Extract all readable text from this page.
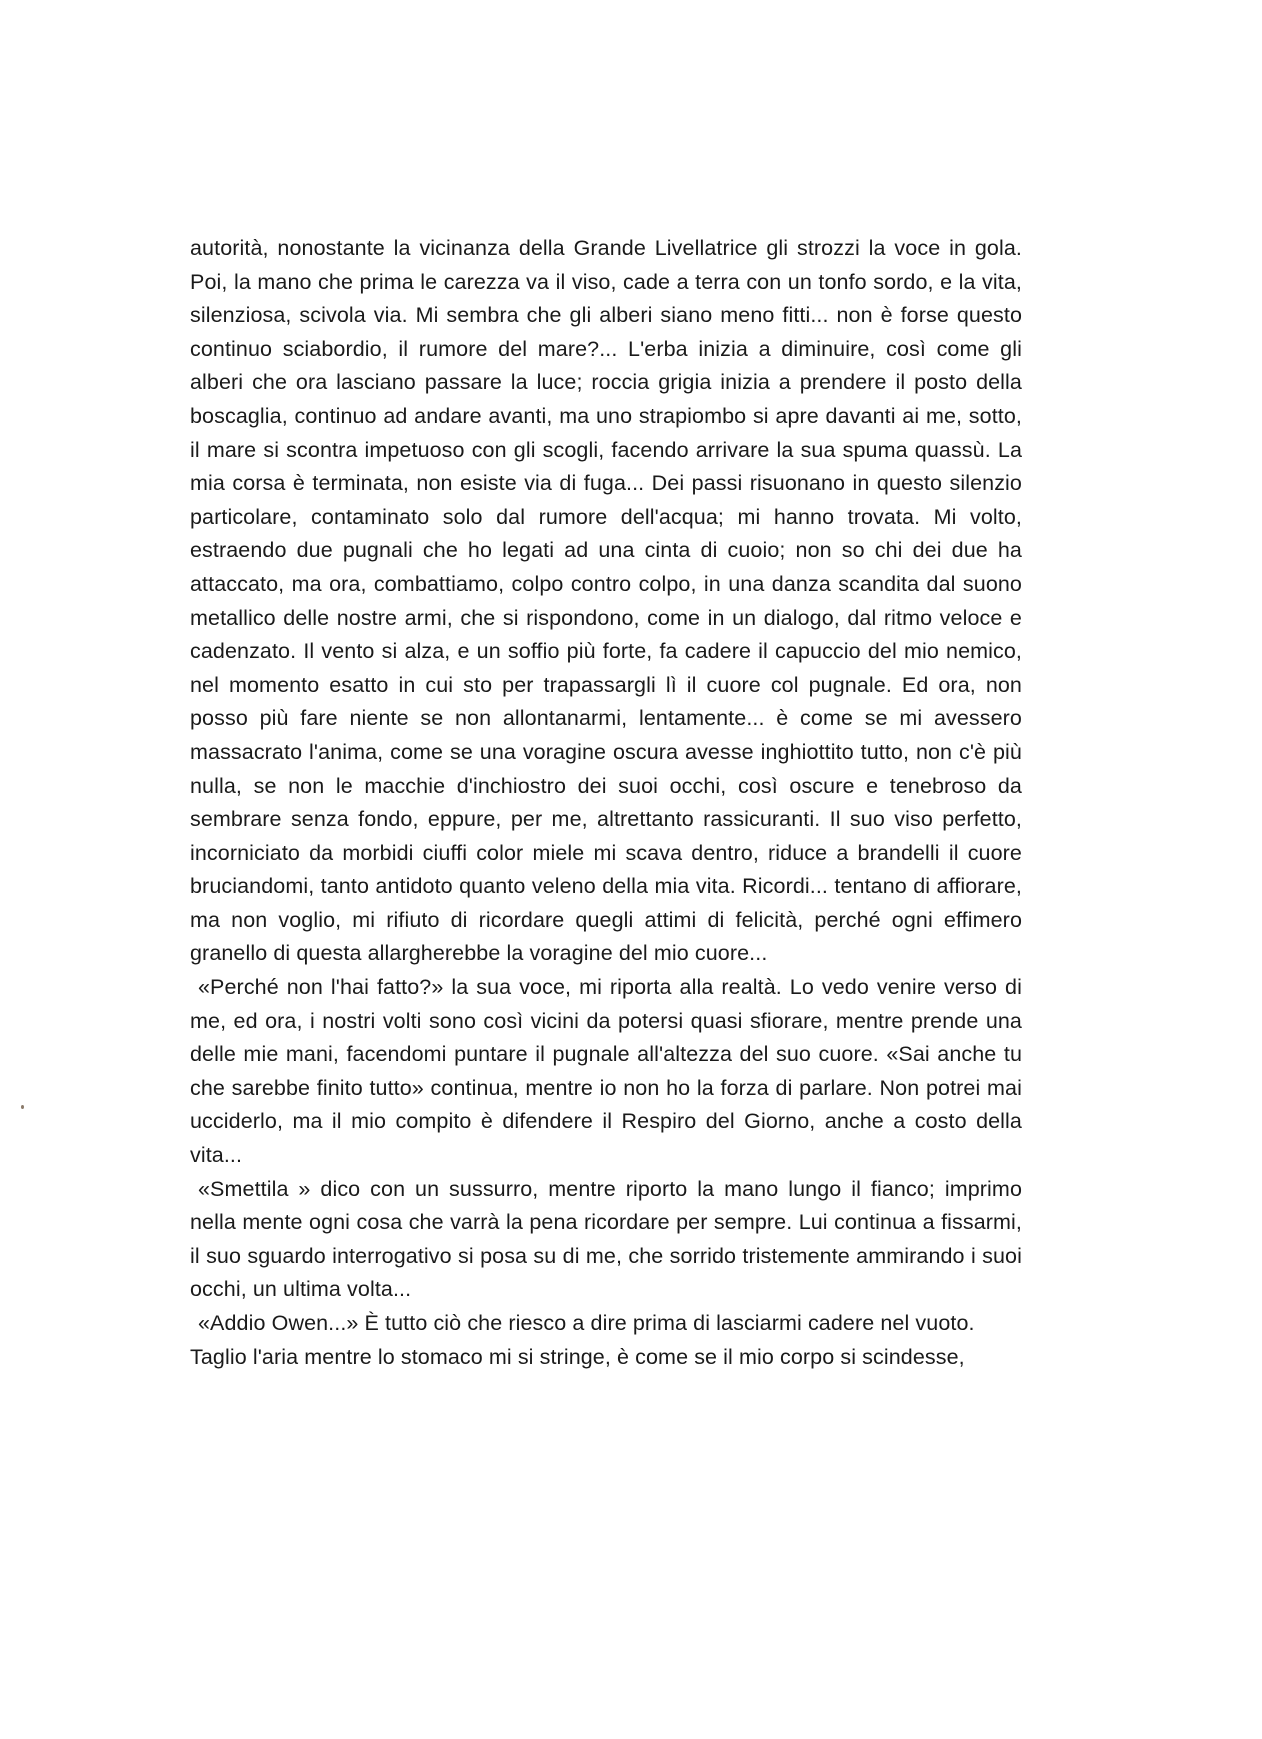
autorità, nonostante la vicinanza della Grande Livellatrice gli strozzi la voce in gola. Poi, la mano che prima le carezza va il viso, cade a terra con un tonfo sordo, e la vita, silenziosa, scivola via. Mi sembra che gli alberi siano meno fitti... non è forse questo continuo sciabordio, il rumore del mare?... L'erba inizia a diminuire, così come gli alberi che ora lasciano passare la luce; roccia grigia inizia a prendere il posto della boscaglia, continuo ad andare avanti, ma uno strapiombo si apre davanti ai me, sotto, il mare si scontra impetuoso con gli scogli, facendo arrivare la sua spuma quassù. La mia corsa è terminata, non esiste via di fuga... Dei passi risuonano in questo silenzio particolare, contaminato solo dal rumore dell'acqua; mi hanno trovata. Mi volto, estraendo due pugnali che ho legati ad una cinta di cuoio; non so chi dei due ha attaccato, ma ora, combattiamo, colpo contro colpo, in una danza scandita dal suono metallico delle nostre armi, che si rispondono, come in un dialogo, dal ritmo veloce e cadenzato. Il vento si alza, e un soffio più forte, fa cadere il capuccio del mio nemico, nel momento esatto in cui sto per trapassargli lì il cuore col pugnale. Ed ora, non posso più fare niente se non allontanarmi, lentamente... è come se mi avessero massacrato l'anima, come se una voragine oscura avesse inghiottito tutto, non c'è più nulla, se non le macchie d'inchiostro dei suoi occhi, così oscure e tenebroso da sembrare senza fondo, eppure, per me, altrettanto rassicuranti. Il suo viso perfetto, incorniciato da morbidi ciuffi color miele mi scava dentro, riduce a brandelli il cuore bruciandomi, tanto antidoto quanto veleno della mia vita. Ricordi... tentano di affiorare, ma non voglio, mi rifiuto di ricordare quegli attimi di felicità, perché ogni effimero granello di questa allargherebbe la voragine del mio cuore...

«Perché non l'hai fatto?» la sua voce, mi riporta alla realtà. Lo vedo venire verso di me, ed ora, i nostri volti sono così vicini da potersi quasi sfiorare, mentre prende una delle mie mani, facendomi puntare il pugnale all'altezza del suo cuore. «Sai anche tu che sarebbe finito tutto» continua, mentre io non ho la forza di parlare. Non potrei mai ucciderlo, ma il mio compito è difendere il Respiro del Giorno, anche a costo della vita...

«Smettila » dico con un sussurro, mentre riporto la mano lungo il fianco; imprimo nella mente ogni cosa che varrà la pena ricordare per sempre. Lui continua a fissarmi, il suo sguardo interrogativo si posa su di me, che sorrido tristemente ammirando i suoi occhi, un ultima volta...

«Addio Owen...» È tutto ciò che riesco a dire prima di lasciarmi cadere nel vuoto.

Taglio l'aria mentre lo stomaco mi si stringe, è come se il mio corpo si scindesse,
